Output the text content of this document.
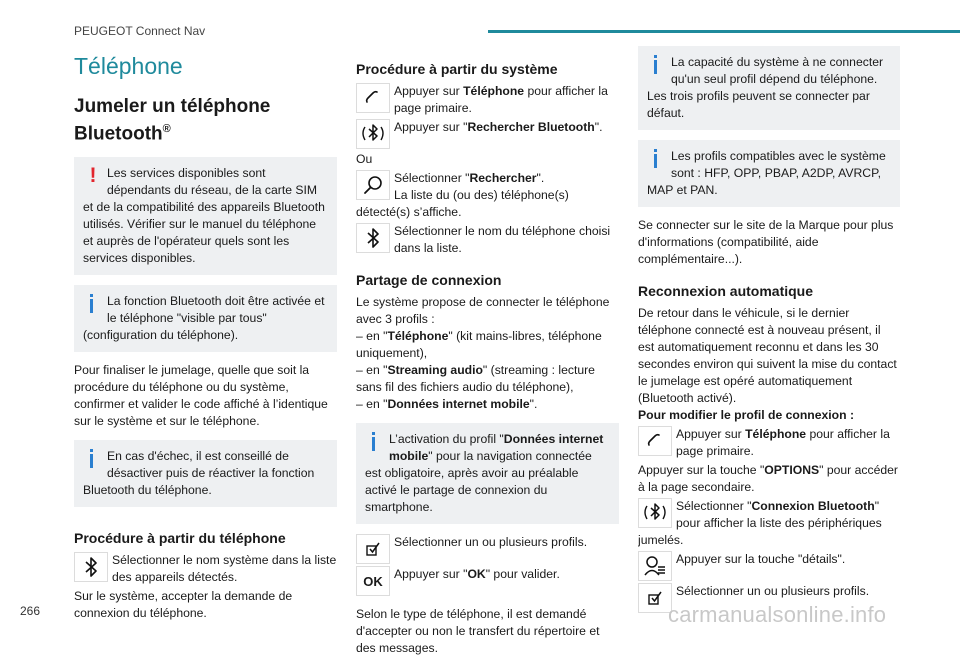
PEUGEOT Connect Nav
Téléphone
Jumeler un téléphone Bluetooth®
! Les services disponibles sont dépendants du réseau, de la carte SIM et de la compatibilité des appareils Bluetooth utilisés. Vérifier sur le manuel du téléphone et auprès de l'opérateur quels sont les services disponibles.

La fonction Bluetooth doit être activée et le téléphone "visible par tous" (configuration du téléphone).

Pour finaliser le jumelage, quelle que soit la procédure du téléphone ou du système, confirmer et valider le code affiché à l’identique sur le système et sur le téléphone.

En cas d'échec, il est conseillé de désactiver puis de réactiver la fonction Bluetooth du téléphone.

Procédure à partir du téléphone
Sélectionner le nom système dans la liste des appareils détectés.

Sur le système, accepter la demande de connexion du téléphone.

Procédure à partir du système
Appuyer sur Téléphone pour afficher la page primaire.
Appuyer sur "Rechercher Bluetooth".

Ou

Sélectionner "Rechercher".
La liste du (ou des) téléphone(s) détecté(s) s’affiche.
Sélectionner le nom du téléphone choisi dans la liste.
Partage de connexion

Le système propose de connecter le téléphone avec 3 profils :

– en "Téléphone" (kit mains-libres, téléphone uniquement),

– en "Streaming audio" (streaming : lecture sans fil des fichiers audio du téléphone),

– en "Données internet mobile".

L’activation du profil "Données internet mobile" pour la navigation connectée est obligatoire, après avoir au préalable activé le partage de connexion du smartphone.

Sélectionner un ou plusieurs profils.
OK Appuyer sur "OK" pour valider.

Selon le type de téléphone, il est demandé d'accepter ou non le transfert du répertoire et des messages.

La capacité du système à ne connecter qu'un seul profil dépend du téléphone. Les trois profils peuvent se connecter par défaut.

Les profils compatibles avec le système sont : HFP, OPP, PBAP, A2DP, AVRCP, MAP et PAN.

Se connecter sur le site de la Marque pour plus d'informations (compatibilité, aide complémentaire...).

Reconnexion automatique

De retour dans le véhicule, si le dernier téléphone connecté est à nouveau présent, il est automatiquement reconnu et dans les 30 secondes environ qui suivent la mise du contact le jumelage est opéré automatiquement (Bluetooth activé).

Pour modifier le profil de connexion :

Appuyer sur Téléphone pour afficher la page primaire.

Appuyer sur la touche "OPTIONS" pour accéder à la page secondaire.

Sélectionner "Connexion Bluetooth" pour afficher la liste des périphériques jumelés.
Appuyer sur la touche "détails".
Sélectionner un ou plusieurs profils.
266	carmanualsonline.info
